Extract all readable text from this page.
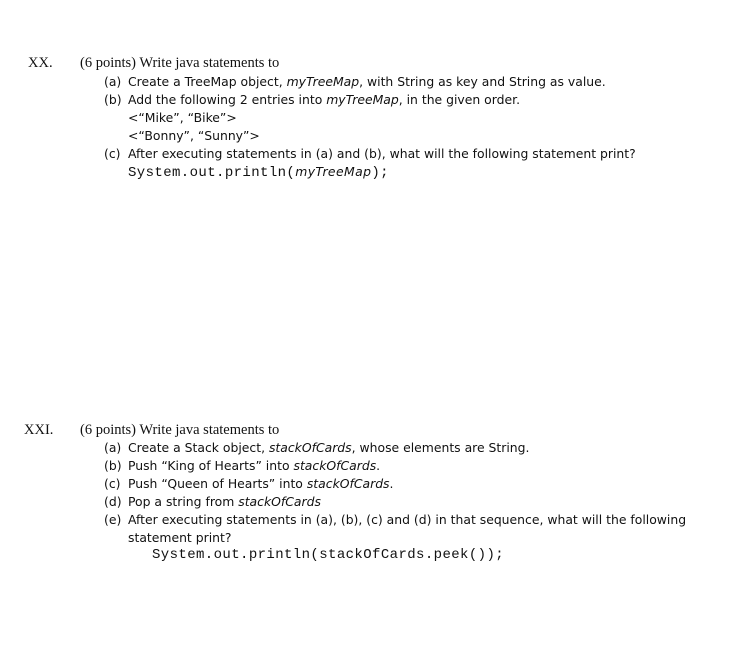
XX. (6 points) Write java statements to
(a) Create a TreeMap object, myTreeMap, with String as key and String as value.
(b) Add the following 2 entries into myTreeMap, in the given order.
<“Mike”, “Bike”>
<“Bonny”, “Sunny”>
(c) After executing statements in (a) and (b), what will the following statement print?
System.out.println(myTreeMap);
XXI. (6 points) Write java statements to
(a) Create a Stack object, stackOfCards, whose elements are String.
(b) Push “King of Hearts” into stackOfCards.
(c) Push “Queen of Hearts” into stackOfCards.
(d) Pop a string from stackOfCards
(e) After executing statements in (a), (b), (c) and (d) in that sequence, what will the following
statement print?
System.out.println(stackOfCards.peek());
